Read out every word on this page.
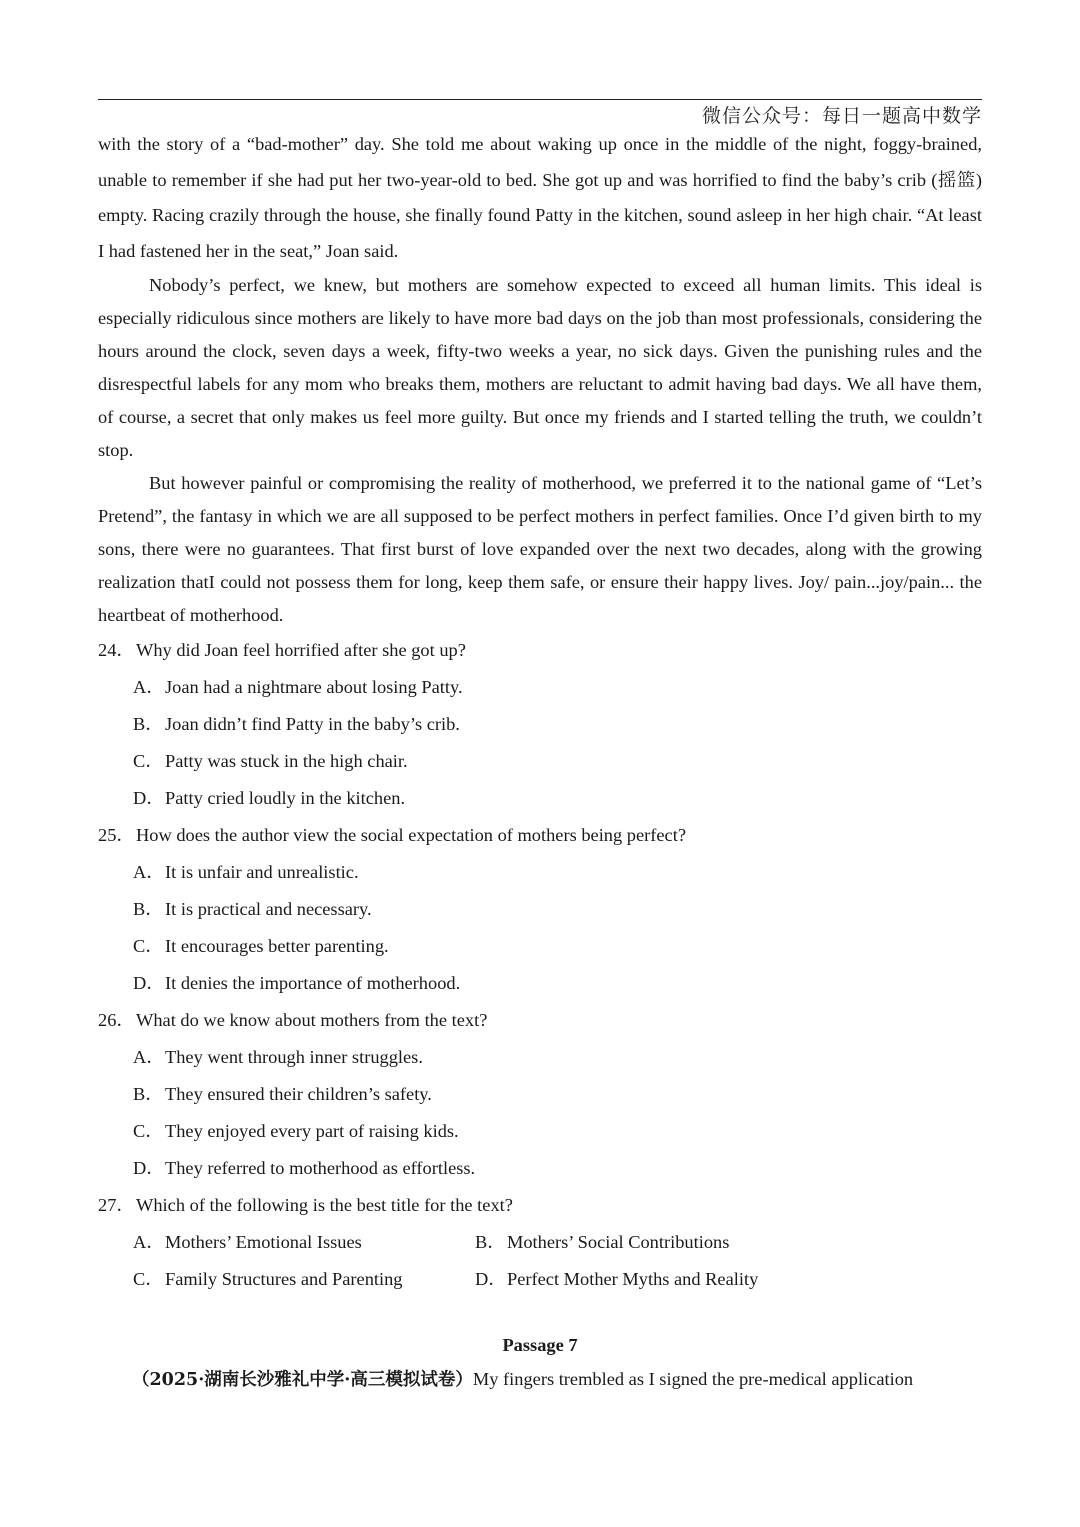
微信公众号：每日一题高中数学

with the story of a “bad-mother” day. She told me about waking up once in the middle of the night, foggy-brained, unable to remember if she had put her two-year-old to bed. She got up and was horrified to find the baby’s crib (摇篮) empty. Racing crazily through the house, she finally found Patty in the kitchen, sound asleep in her high chair. “At least I had fastened her in the seat,” Joan said.

Nobody’s perfect, we knew, but mothers are somehow expected to exceed all human limits. This ideal is especially ridiculous since mothers are likely to have more bad days on the job than most professionals, considering the hours around the clock, seven days a week, fifty-two weeks a year, no sick days. Given the punishing rules and the disrespectful labels for any mom who breaks them, mothers are reluctant to admit having bad days. We all have them, of course, a secret that only makes us feel more guilty. But once my friends and I started telling the truth, we couldn’t stop.

But however painful or compromising the reality of motherhood, we preferred it to the national game of “Let’s Pretend”, the fantasy in which we are all supposed to be perfect mothers in perfect families. Once I’d given birth to my sons, there were no guarantees. That first burst of love expanded over the next two decades, along with the growing realization thatI could not possess them for long, keep them safe, or ensure their happy lives. Joy/ pain...joy/pain... the heartbeat of motherhood.

24．Why did Joan feel horrified after she got up?

A．Joan had a nightmare about losing Patty.
B．Joan didn’t find Patty in the baby’s crib.
C．Patty was stuck in the high chair.
D．Patty cried loudly in the kitchen.

25．How does the author view the social expectation of mothers being perfect?

A．It is unfair and unrealistic.
B．It is practical and necessary.
C．It encourages better parenting.
D．It denies the importance of motherhood.

26．What do we know about mothers from the text?

A．They went through inner struggles.
B．They ensured their children’s safety.
C．They enjoyed every part of raising kids.
D．They referred to motherhood as effortless.

27．Which of the following is the best title for the text?

A．Mothers’ Emotional Issues	B．Mothers’ Social Contributions
C．Family Structures and Parenting	D．Perfect Mother Myths and Reality

Passage 7

（2025·湖南长沙雅礼中学·高三模拟试卷）My fingers trembled as I signed the pre-medical application
